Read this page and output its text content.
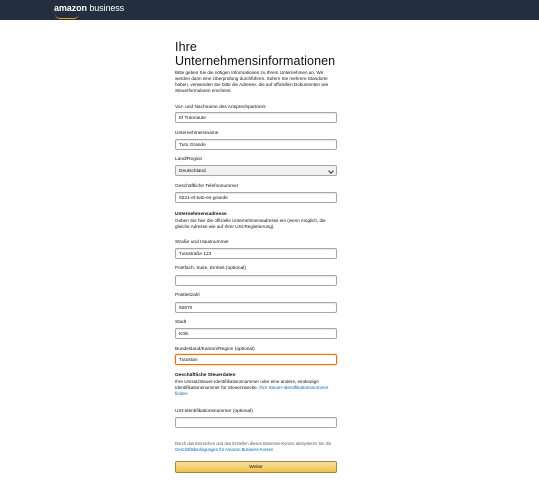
amazon business
Ihre Unternehmensinformationen
Bitte geben Sie die nötigen Informationen zu Ihrem Unternehmen an. Wir werden dann eine Überprüfung durchführen. Sofern Sie mehrere Standorte haben, verwenden Sie bitte die Adresse, die auf offiziellen Dokumenten wie Steuerformularen erscheint.
Vor- und Nachname des Ansprechpartners
El Tutonaute
Unternehmensname
Tuto Grande
Land/Region
Deutschland
Geschäftliche Telefonnummer
0221-el-tuto-es-grande
Unternehmensadresse
Geben Sie hier die offizielle Unternehmensadresse ein (wenn möglich, die gleiche Adresse wie auf Ihrer USt-Registrierung).
Straße und Hausnummer
Tutostraße 123
Postfach, Suite, Einheit (optional)
Postleitzahl
50670
Stadt
Köln
Bundesland/Kanton/Region (optional)
Tutostan
Geschäftliche Steuerdaten
Ihre Umsatzsteuer-Identifikationsnummer oder eine andere, eindeutige Identifikationsnummer für Steuerzwecke. Ihre Steuer-Identifikationsnummer finden
USt-Identifikationsnummer (optional)
Durch das Einreichen und das Erstellen dieses Business-Kontos akzeptieren Sie die Geschäftsbedingungen für Amazon Business-Konten
Weiter
